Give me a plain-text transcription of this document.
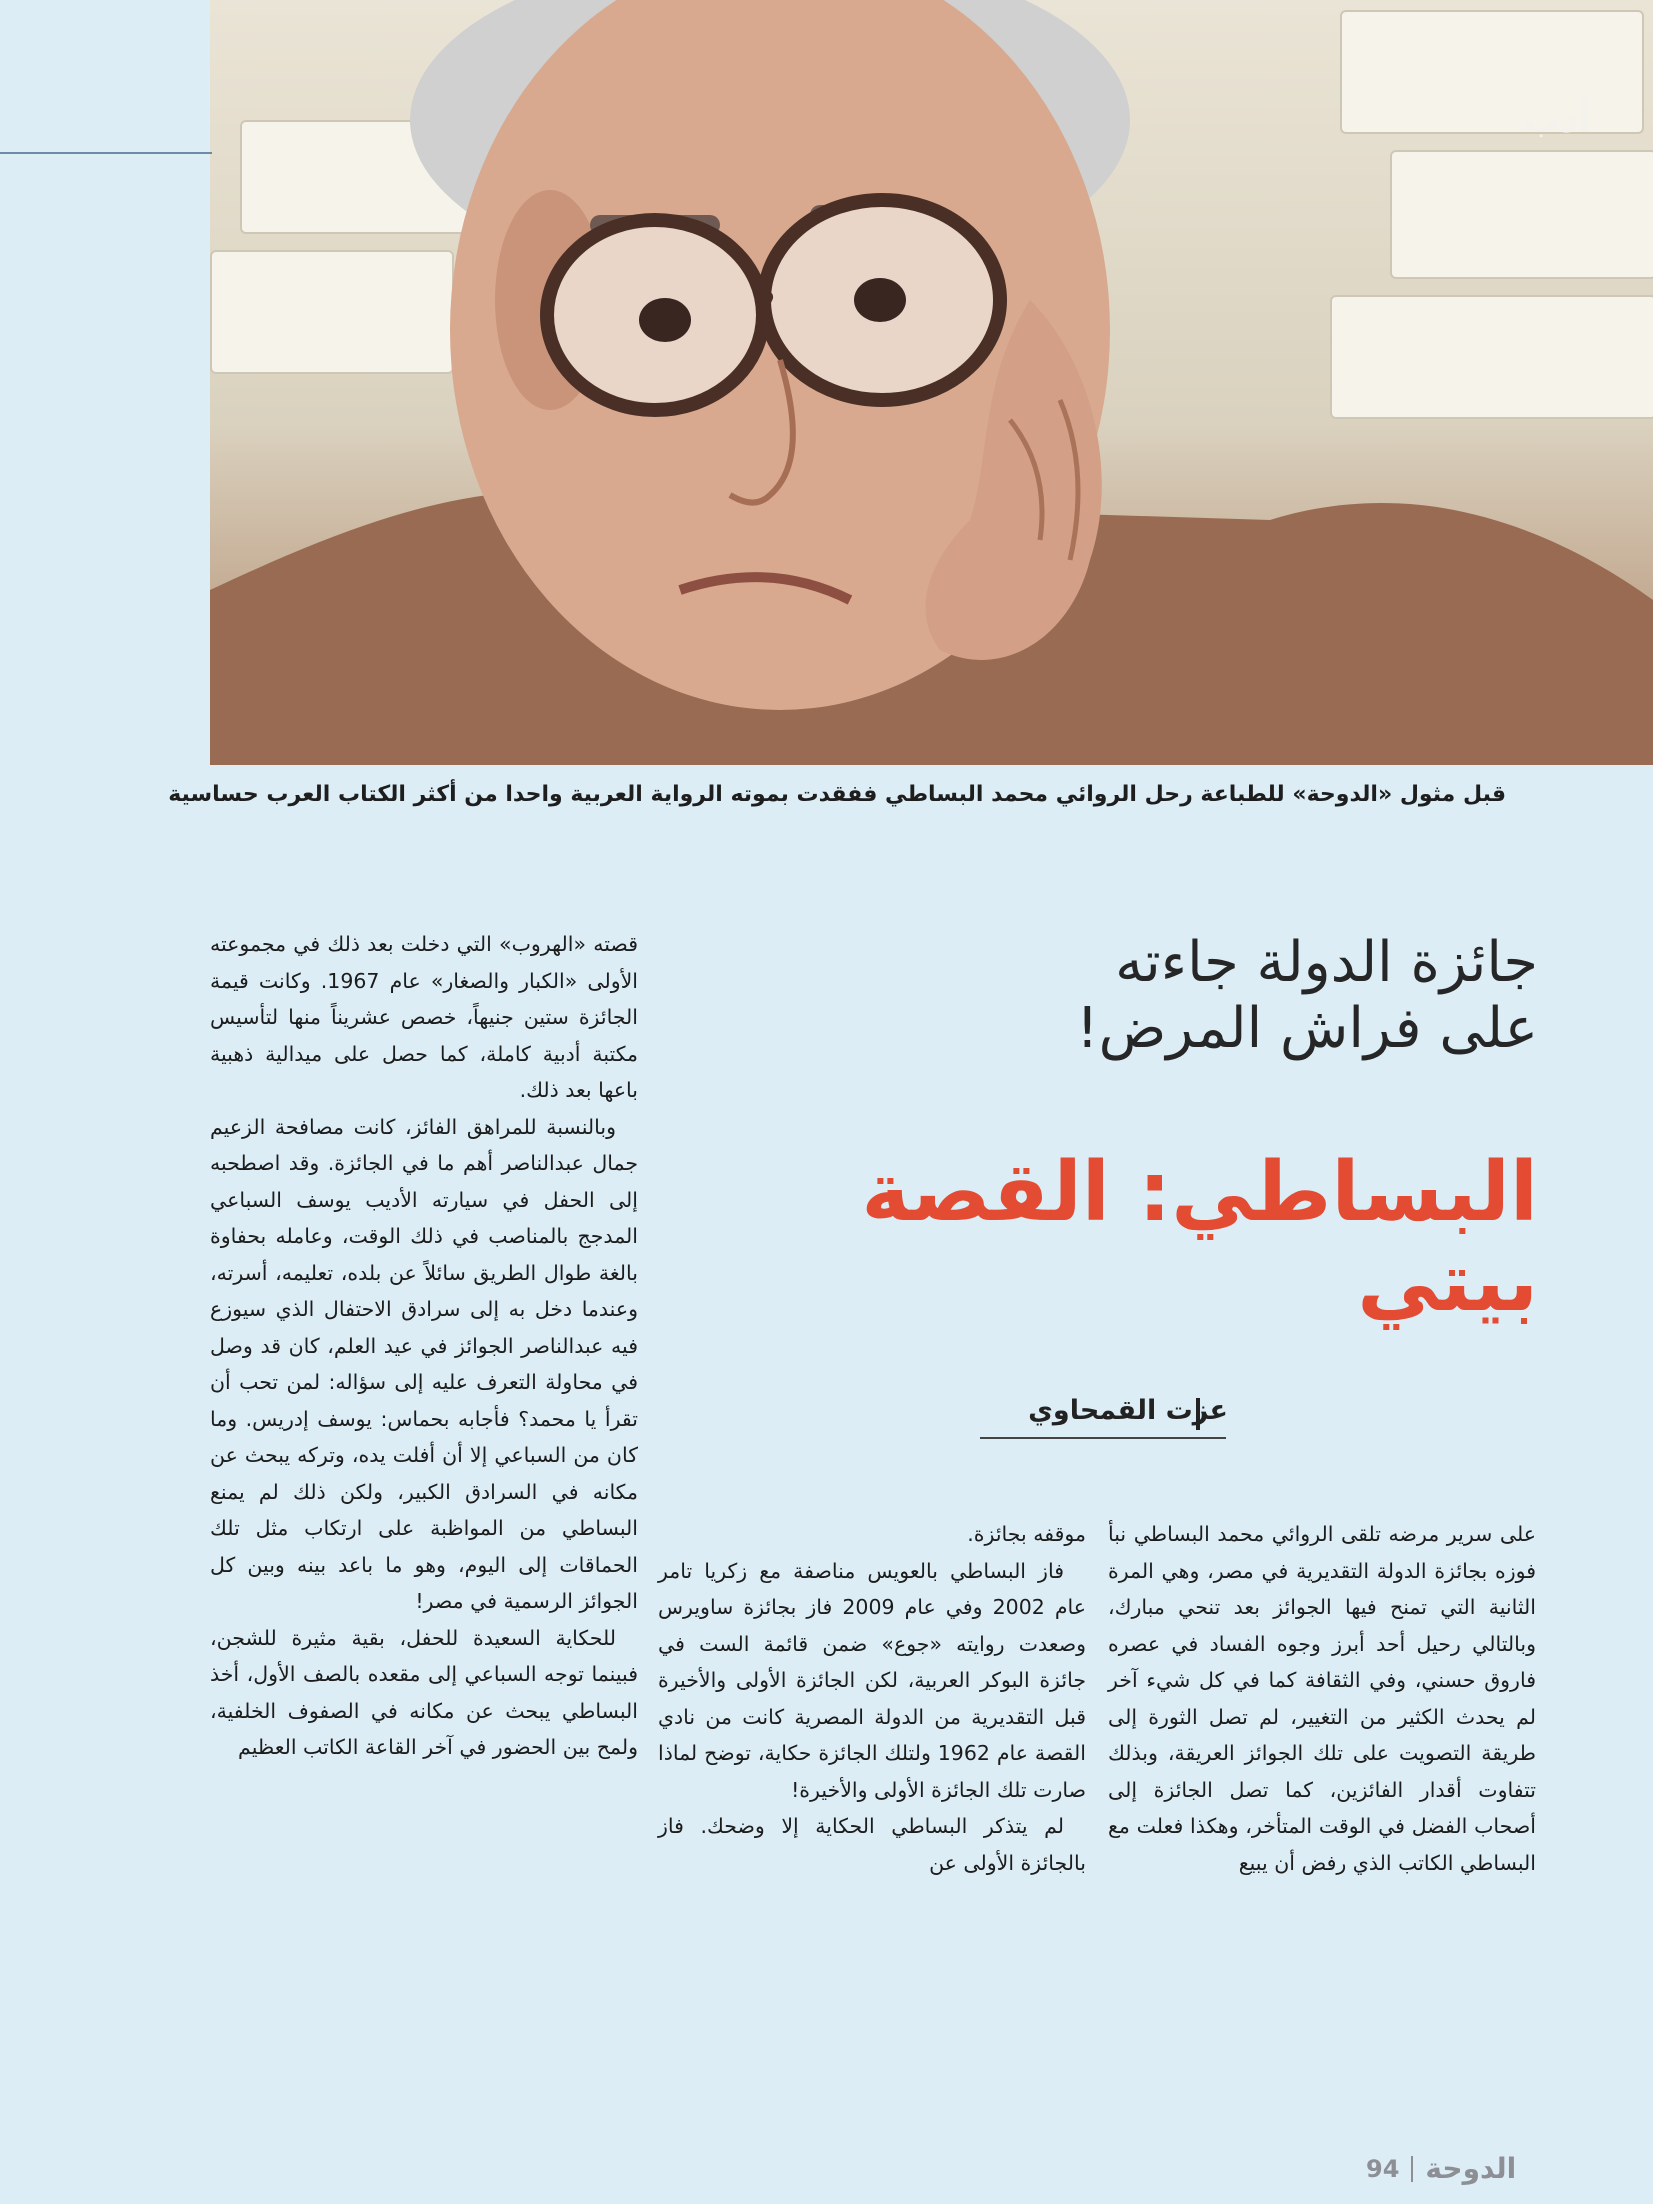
أدب
قبل مثول «الدوحة» للطباعة رحل الروائي محمد البساطي ففقدت بموته الرواية العربية واحدا من أكثر الكتاب العرب حساسية
جائزة الدولة جاءته
على فراش المرض!
البساطي: القصة بيتي
عزت القمحاوي

على سرير مرضه تلقى الروائي محمد البساطي نبأ فوزه بجائزة الدولة التقديرية في مصر، وهي المرة الثانية التي تمنح فيها الجوائز بعد تنحي مبارك، وبالتالي رحيل أحد أبرز وجوه الفساد في عصره فاروق حسني، وفي الثقافة كما في كل شيء آخر لم يحدث الكثير من التغيير، لم تصل الثورة إلى طريقة التصويت على تلك الجوائز العريقة، وبذلك تتفاوت أقدار الفائزين، كما تصل الجائزة إلى أصحاب الفضل في الوقت المتأخر، وهكذا فعلت مع البساطي الكاتب الذي رفض أن يبيع

موقفه بجائزة.

فاز البساطي بالعويس مناصفة مع زكريا تامر عام 2002 وفي عام 2009 فاز بجائزة ساويرس وصعدت روايته «جوع» ضمن قائمة الست في جائزة البوكر العربية، لكن الجائزة الأولى والأخيرة قبل التقديرية من الدولة المصرية كانت من نادي القصة عام 1962 ولتلك الجائزة حكاية، توضح لماذا صارت تلك الجائزة الأولى والأخيرة!

لم يتذكر البساطي الحكاية إلا وضحك. فاز بالجائزة الأولى عن

قصته «الهروب» التي دخلت بعد ذلك في مجموعته الأولى «الكبار والصغار» عام 1967. وكانت قيمة الجائزة ستين جنيهاً، خصص عشريناً منها لتأسيس مكتبة أدبية كاملة، كما حصل على ميدالية ذهبية باعها بعد ذلك.

وبالنسبة للمراهق الفائز، كانت مصافحة الزعيم جمال عبدالناصر أهم ما في الجائزة. وقد اصطحبه إلى الحفل في سيارته الأديب يوسف السباعي المدجج بالمناصب في ذلك الوقت، وعامله بحفاوة بالغة طوال الطريق سائلاً عن بلده، تعليمه، أسرته، وعندما دخل به إلى سرادق الاحتفال الذي سيوزع فيه عبدالناصر الجوائز في عيد العلم، كان قد وصل في محاولة التعرف عليه إلى سؤاله: لمن تحب أن تقرأ يا محمد؟ فأجابه بحماس: يوسف إدريس. وما كان من السباعي إلا أن أفلت يده، وتركه يبحث عن مكانه في السرادق الكبير، ولكن ذلك لم يمنع البساطي من المواظبة على ارتكاب مثل تلك الحماقات إلى اليوم، وهو ما باعد بينه وبين كل الجوائز الرسمية في مصر!

للحكاية السعيدة للحفل، بقية مثيرة للشجن، فبينما توجه السباعي إلى مقعده بالصف الأول، أخذ البساطي يبحث عن مكانه في الصفوف الخلفية، ولمح بين الحضور في آخر القاعة الكاتب العظيم

94 الدوحة
